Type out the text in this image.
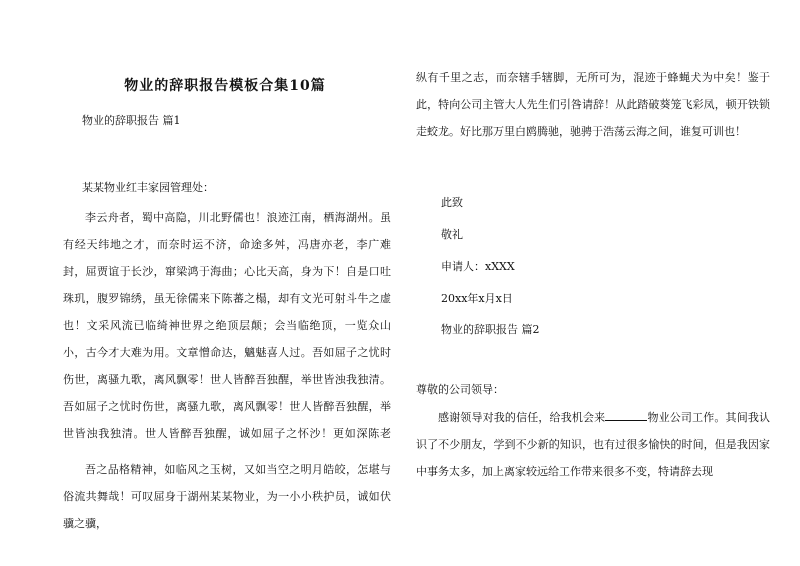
物业的辞职报告模板合集10篇
物业的辞职报告 篇1
某某物业红丰家园管理处：

李云舟者，蜀中高隐，川北野儒也！浪迹江南，栖海湖州。虽有经天纬地之才，而奈时运不济，命途多舛，冯唐亦老，李广难封，屈贾谊于长沙，窜梁鸿于海曲；心比天高，身为下！自是口吐珠玑，腹罗锦绣，虽无徐儒来下陈蕃之榻，却有文光可射斗牛之虚也！文采风流已临绮神世界之绝顶层颠；会当临绝顶，一览众山小，古今才大难为用。文章憎命达，魑魅喜人过。吾如屈子之忧时伤世，离骚九歌，离风飘零！世人皆醉吾独醒，举世皆浊我独清。吾如屈子之忧时伤世，离骚九歌，离风飘零！世人皆醉吾独醒，举世皆浊我独清。世人皆醉吾独醒，诚如屈子之怀沙！更如深陈老

吾之品格精神，如临风之玉树，又如当空之明月皓皎，怎堪与俗流共舞哉！可叹屈身于湖州某某物业，为一小小秩护员，诚如伏骥之骥，

纵有千里之志，而奈辖手辖脚，无所可为，混迹于蜂蝇犬为中矣！鉴于此，特向公司主管大人先生们引咎请辞！从此踏破葵笼飞彩凤，顿开铁锁走蛟龙。好比那万里白鸥腾驰，驰骋于浩荡云海之间，谁复可训也！

此致
敬礼
申请人：xXXX
20xx年x月x日
物业的辞职报告 篇2
尊敬的公司领导：

感谢领导对我的信任，给我机会来	物业公司工作。其间我认识了不少朋友，学到不少新的知识，也有过很多愉快的时间，但是我因家中事务太多，加上离家较远给工作带来很多不变，特请辞去现
